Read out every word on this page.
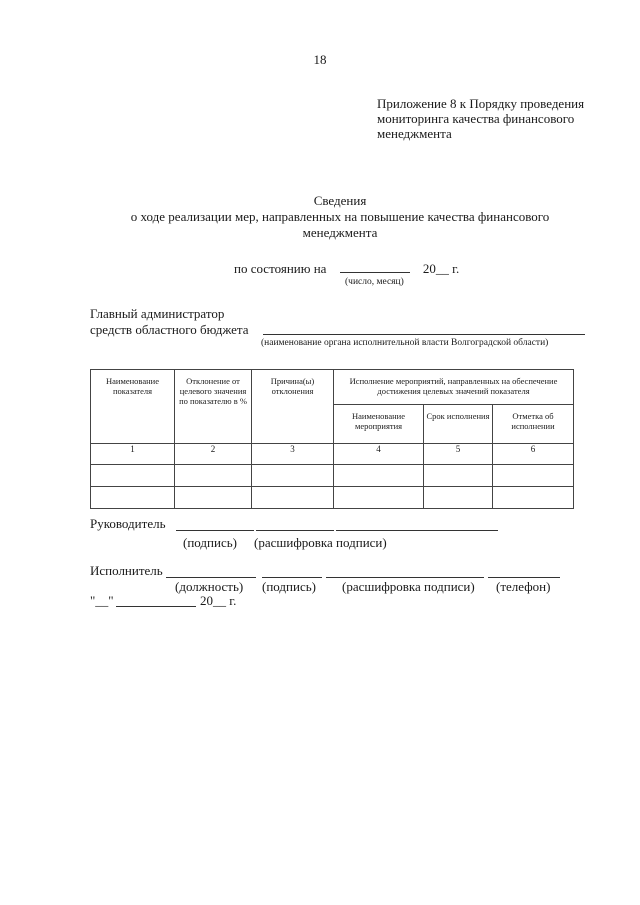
18
Приложение 8 к Порядку проведения
мониторинга качества финансового
менеджмента
Сведения
о ходе реализации мер, направленных на повышение качества финансового
менеджмента
по состоянию на	20__ г.
(число, месяц)
Главный администратор
средств областного бюджета
(наименование органа исполнительной власти Волгоградской области)
Наименование показателя	Отклонение от целевого значения по показателю в %	Причина(ы) отклонения	Исполнение мероприятий, направленных на обеспечение достижения целевых значений показателя		
			Наименование мероприятия	Срок исполнения	Отметка об исполнении
1	2	3	4	5	6

Руководитель
(подпись) (расшифровка подписи)
Исполнитель
(должность) (подпись) (расшифровка подписи) (телефон)
"__"	20__ г.
